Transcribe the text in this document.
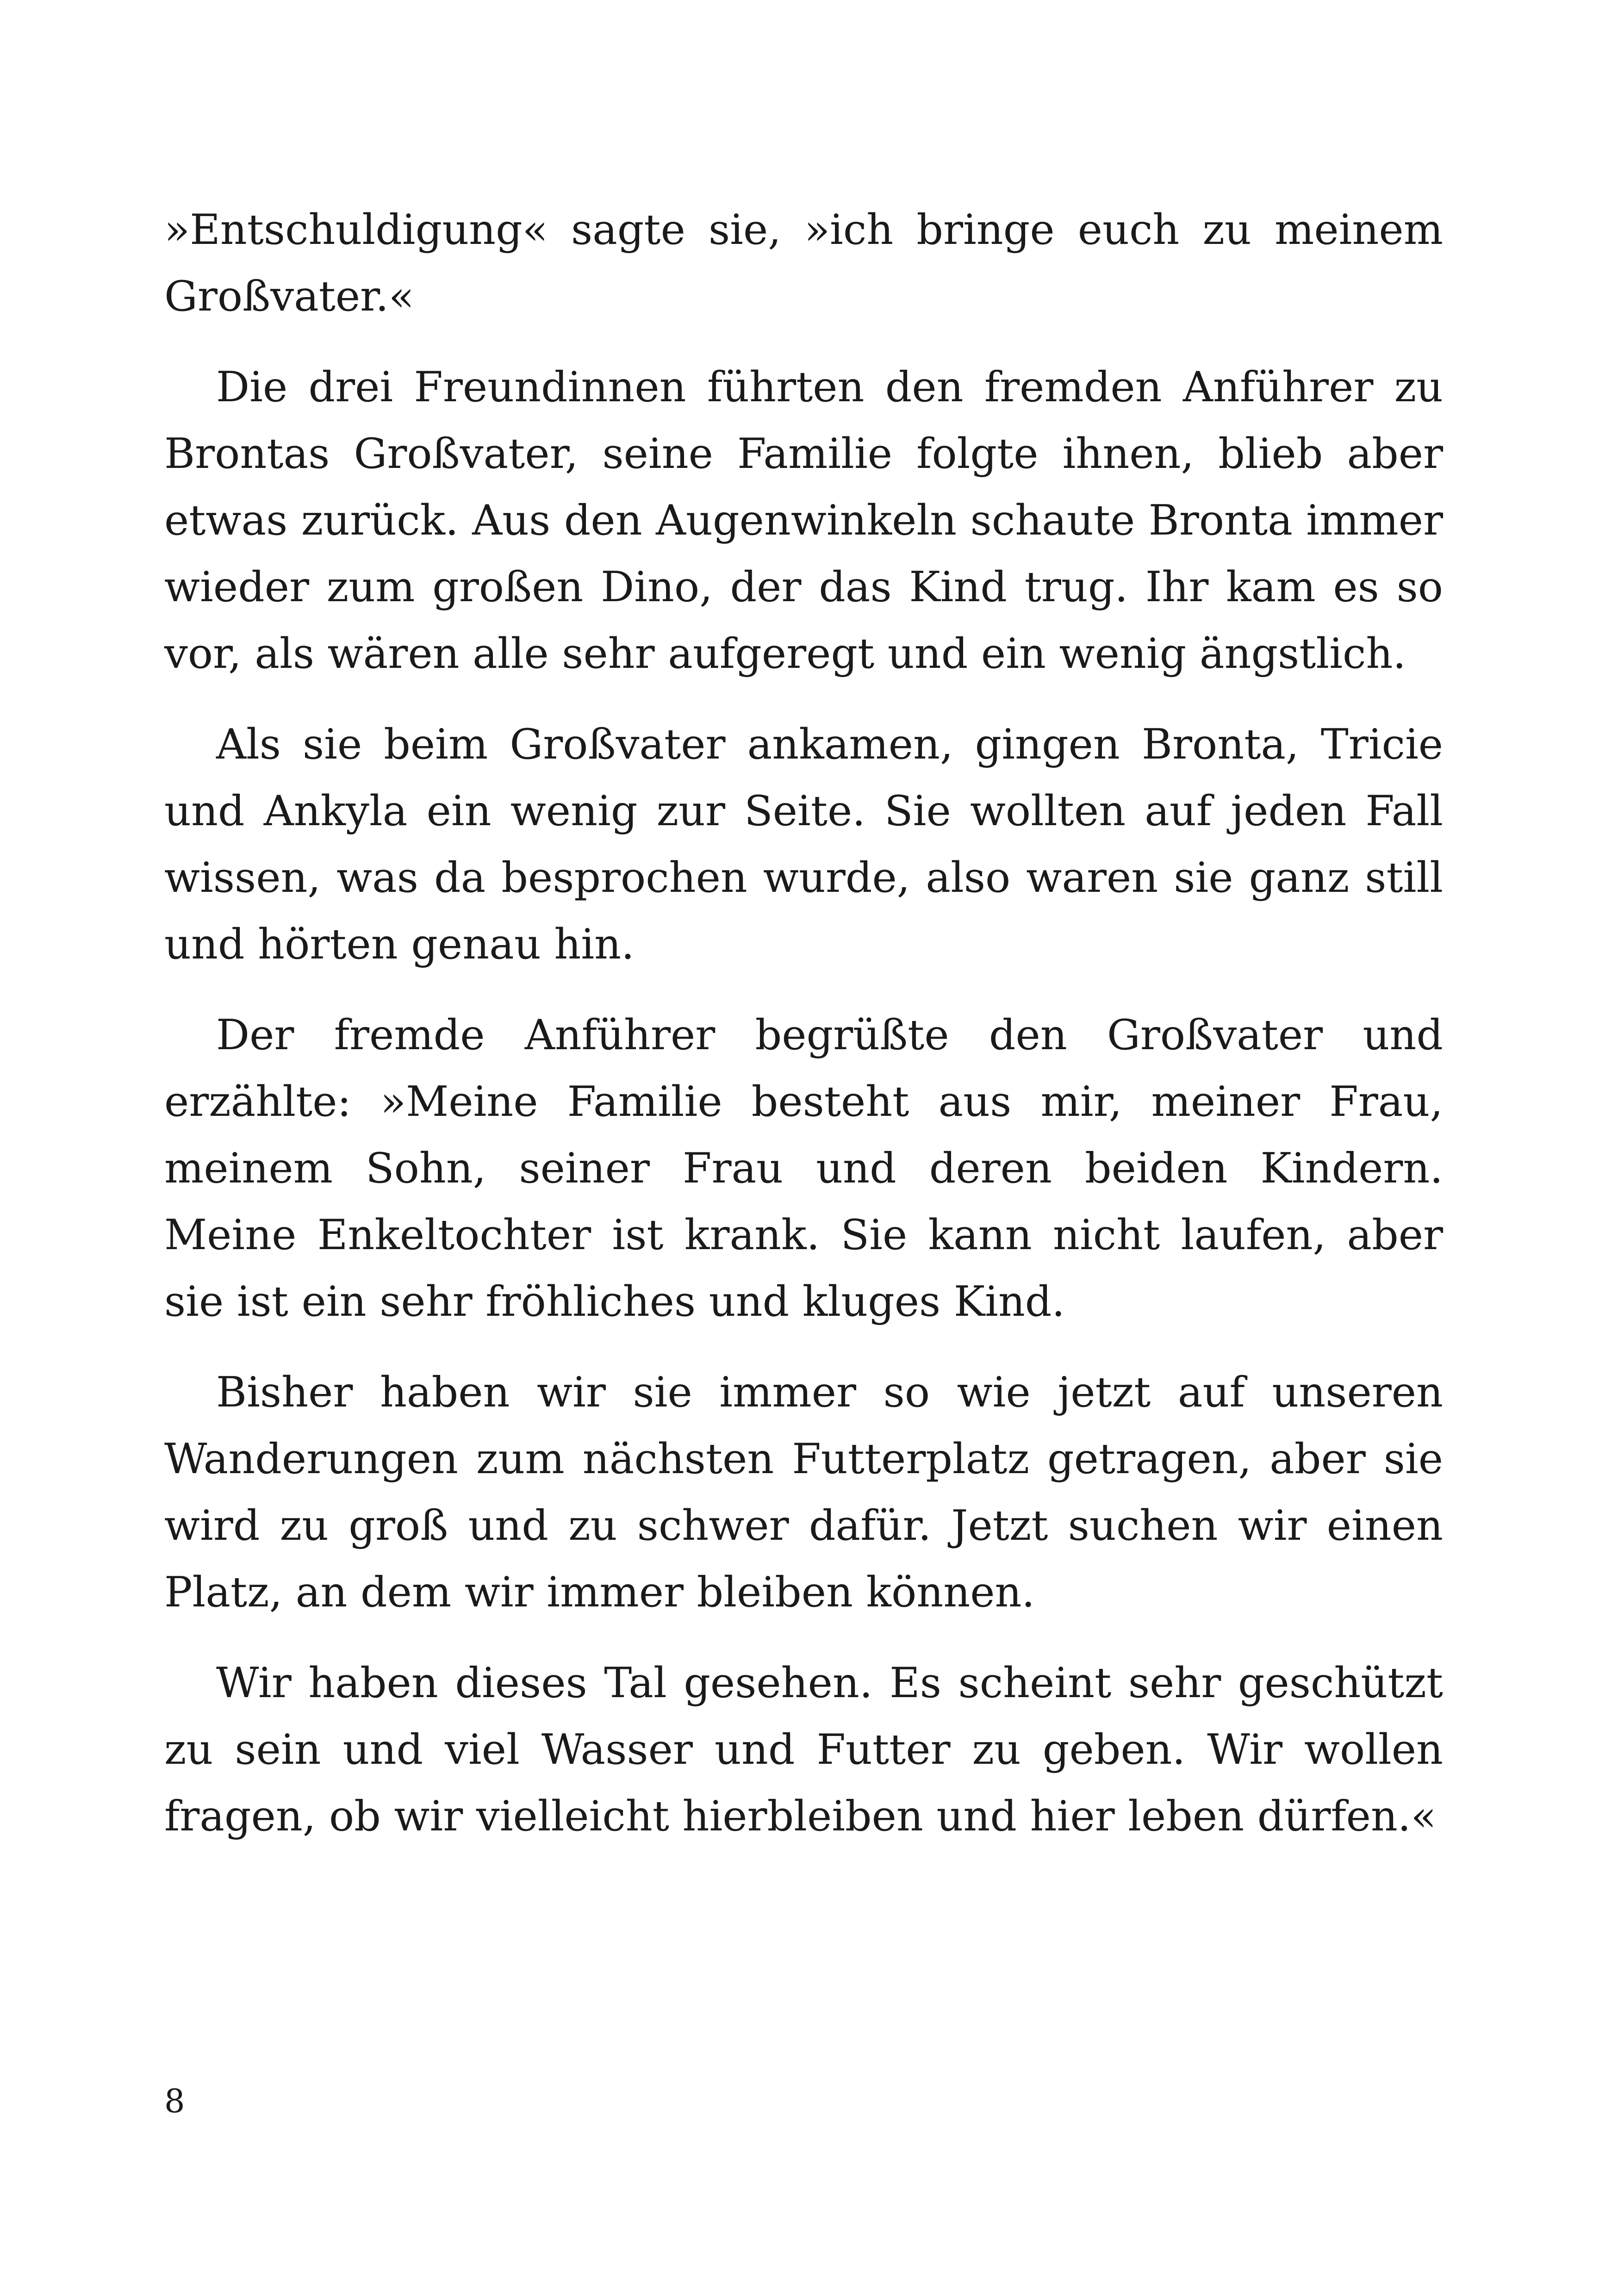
»Entschuldigung« sagte sie, »ich bringe euch zu meinem Großvater.«

Die drei Freundinnen führten den fremden Anführer zu Brontas Großvater, seine Familie folgte ihnen, blieb aber etwas zurück. Aus den Augenwinkeln schaute Bronta immer wieder zum großen Dino, der das Kind trug. Ihr kam es so vor, als wären alle sehr aufgeregt und ein wenig ängstlich.

Als sie beim Großvater ankamen, gingen Bronta, Tricie und Ankyla ein wenig zur Seite. Sie wollten auf jeden Fall wissen, was da besprochen wurde, also waren sie ganz still und hörten genau hin.

Der fremde Anführer begrüßte den Großvater und erzählte: »Meine Familie besteht aus mir, meiner Frau, meinem Sohn, seiner Frau und deren beiden Kindern. Meine Enkeltochter ist krank. Sie kann nicht laufen, aber sie ist ein sehr fröhliches und kluges Kind.

Bisher haben wir sie immer so wie jetzt auf unseren Wanderungen zum nächsten Futterplatz getragen, aber sie wird zu groß und zu schwer dafür. Jetzt suchen wir einen Platz, an dem wir immer bleiben können.

Wir haben dieses Tal gesehen. Es scheint sehr geschützt zu sein und viel Wasser und Futter zu geben. Wir wollen fragen, ob wir vielleicht hierbleiben und hier leben dürfen.«

8
